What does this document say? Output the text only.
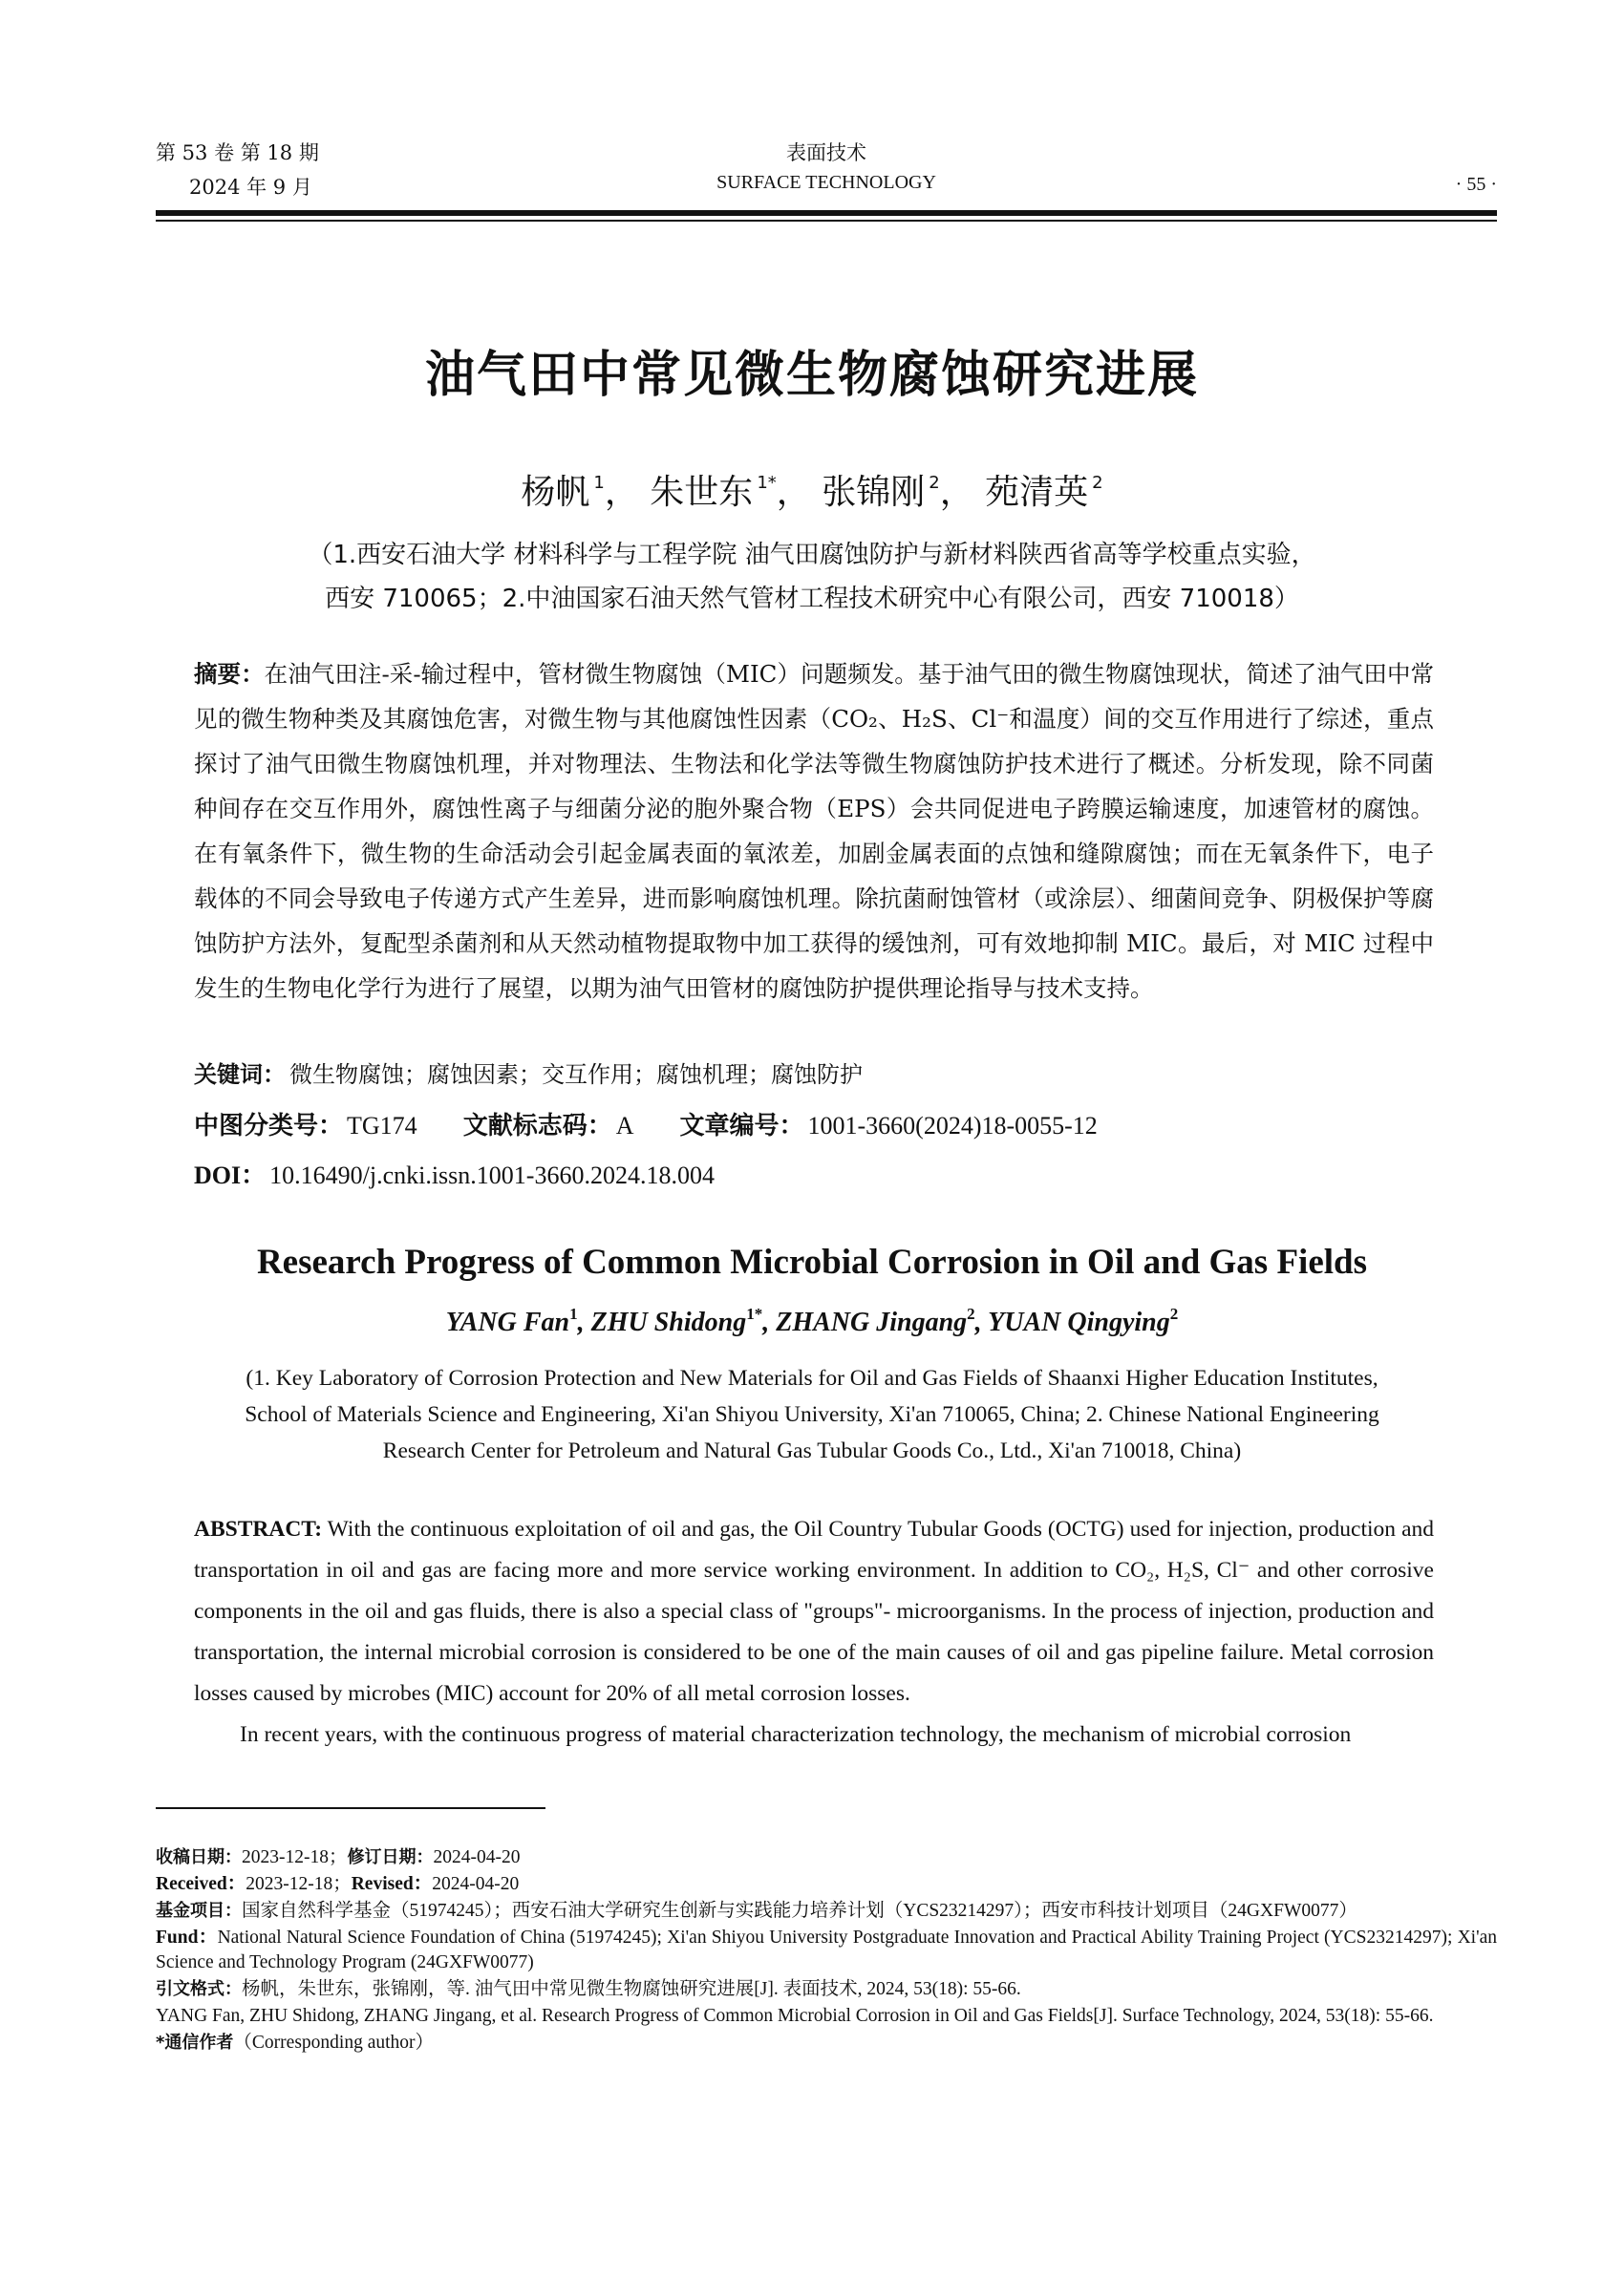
第 53 卷 第 18 期
2024 年 9 月
表面技术
SURFACE TECHNOLOGY	· 55 ·
油气田中常见微生物腐蚀研究进展
杨帆 $^1$， 朱世东 $^{1*}$， 张锦刚 $^2$， 苑清英 $^2$
（1.西安石油大学 材料科学与工程学院 油气田腐蚀防护与新材料陕西省高等学校重点实验，
西安 710065；2.中油国家石油天然气管材工程技术研究中心有限公司，西安 710018）
摘要：在油气田注-采-输过程中，管材微生物腐蚀（MIC）问题频发。基于油气田的微生物腐蚀现状，简述了油气田中常见的微生物种类及其腐蚀危害，对微生物与其他腐蚀性因素（CO₂、H₂S、Cl⁻和温度）间的交互作用进行了综述，重点探讨了油气田微生物腐蚀机理，并对物理法、生物法和化学法等微生物腐蚀防护技术进行了概述。分析发现，除不同菌种间存在交互作用外，腐蚀性离子与细菌分泌的胞外聚合物（EPS）会共同促进电子跨膜运输速度，加速管材的腐蚀。在有氧条件下，微生物的生命活动会引起金属表面的氧浓差，加剧金属表面的点蚀和缝隙腐蚀；而在无氧条件下，电子载体的不同会导致电子传递方式产生差异，进而影响腐蚀机理。除抗菌耐蚀管材（或涂层）、细菌间竞争、阴极保护等腐蚀防护方法外，复配型杀菌剂和从天然动植物提取物中加工获得的缓蚀剂，可有效地抑制 MIC。最后，对 MIC 过程中发生的生物电化学行为进行了展望，以期为油气田管材的腐蚀防护提供理论指导与技术支持。
关键词： 微生物腐蚀；腐蚀因素；交互作用；腐蚀机理；腐蚀防护
中图分类号： TG174 文献标志码： A 文章编号： 1001-3660(2024)18-0055-12
DOI： 10.16490/j.cnki.issn.1001-3660.2024.18.004
Research Progress of Common Microbial Corrosion in Oil and Gas Fields
YANG Fan$^1$, ZHU Shidong$^{1*}$, ZHANG Jingang$^2$, YUAN Qingying$^2$
(1. Key Laboratory of Corrosion Protection and New Materials for Oil and Gas Fields of Shaanxi Higher Education Institutes, School of Materials Science and Engineering, Xi'an Shiyou University, Xi'an 710065, China; 2. Chinese National Engineering Research Center for Petroleum and Natural Gas Tubular Goods Co., Ltd., Xi'an 710018, China)

ABSTRACT: With the continuous exploitation of oil and gas, the Oil Country Tubular Goods (OCTG) used for injection, production and transportation in oil and gas are facing more and more service working environment. In addition to CO₂, H₂S, Cl⁻ and other corrosive components in the oil and gas fluids, there is also a special class of "groups"- microorganisms. In the process of injection, production and transportation, the internal microbial corrosion is considered to be one of the main causes of oil and gas pipeline failure. Metal corrosion losses caused by microbes (MIC) account for 20% of all metal corrosion losses.

In recent years, with the continuous progress of material characterization technology, the mechanism of microbial corrosion

收稿日期：2023-12-18；修订日期：2024-04-20
Received：2023-12-18；Revised：2024-04-20
基金项目：国家自然科学基金（51974245）；西安石油大学研究生创新与实践能力培养计划（YCS23214297）；西安市科技计划项目（24GXFW0077）
Fund：National Natural Science Foundation of China (51974245); Xi'an Shiyou University Postgraduate Innovation and Practical Ability Training Project (YCS23214297); Xi'an Science and Technology Program (24GXFW0077)
引文格式：杨帆，朱世东，张锦刚，等. 油气田中常见微生物腐蚀研究进展[J]. 表面技术, 2024, 53(18): 55-66.
YANG Fan, ZHU Shidong, ZHANG Jingang, et al. Research Progress of Common Microbial Corrosion in Oil and Gas Fields[J]. Surface Technology, 2024, 53(18): 55-66.
*通信作者（Corresponding author）
